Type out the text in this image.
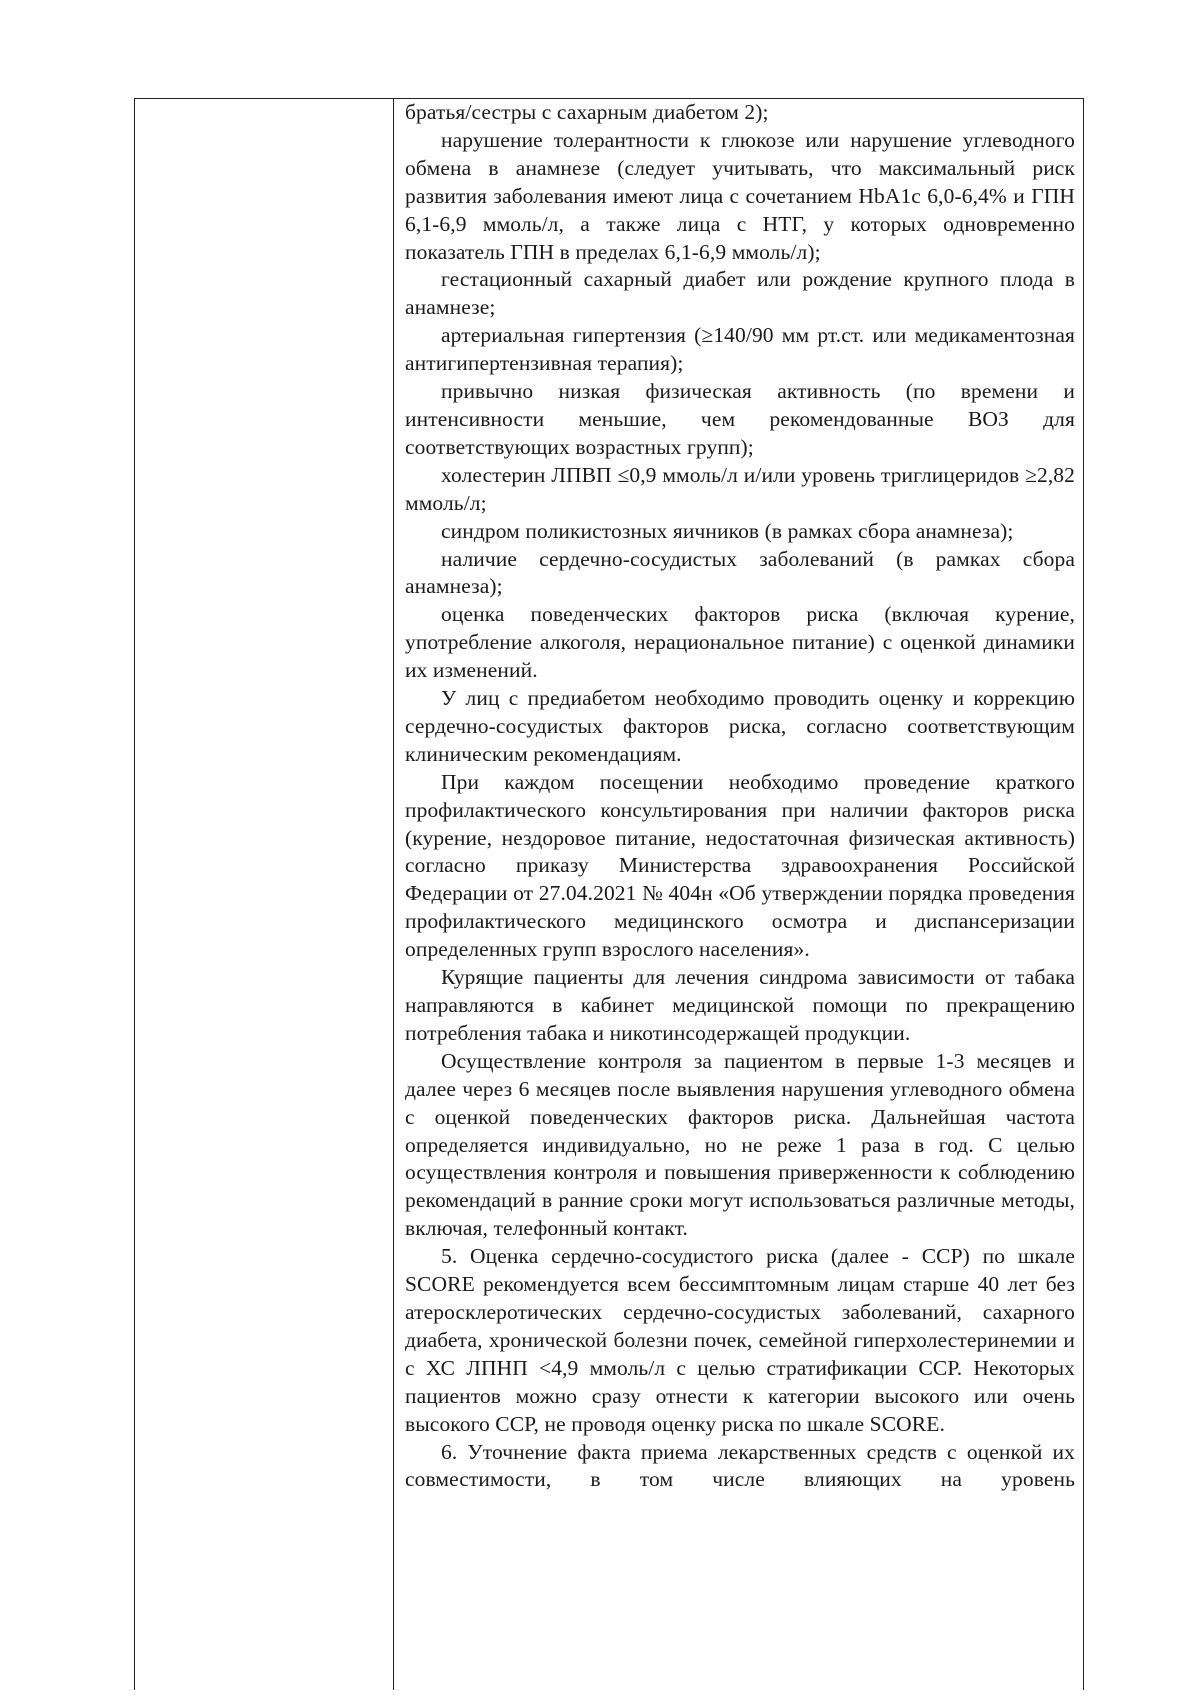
братья/сестры с сахарным диабетом 2);

нарушение толерантности к глюкозе или нарушение углеводного обмена в анамнезе (следует учитывать, что максимальный риск развития заболевания имеют лица с сочетанием HbA1c 6,0-6,4% и ГПН 6,1-6,9 ммоль/л, а также лица с НТГ, у которых одновременно показатель ГПН в пределах 6,1-6,9 ммоль/л);

гестационный сахарный диабет или рождение крупного плода в анамнезе;

артериальная гипертензия (≥140/90 мм рт.ст. или медикаментозная антигипертензивная терапия);

привычно низкая физическая активность (по времени и интенсивности меньшие, чем рекомендованные ВОЗ для соответствующих возрастных групп);

холестерин ЛПВП ≤0,9 ммоль/л и/или уровень триглицеридов ≥2,82 ммоль/л;

синдром поликистозных яичников (в рамках сбора анамнеза);

наличие сердечно-сосудистых заболеваний (в рамках сбора анамнеза);

оценка поведенческих факторов риска (включая курение, употребление алкоголя, нерациональное питание) с оценкой динамики их изменений.

У лиц с предиабетом необходимо проводить оценку и коррекцию сердечно-сосудистых факторов риска, согласно соответствующим клиническим рекомендациям.

При каждом посещении необходимо проведение краткого профилактического консультирования при наличии факторов риска (курение, нездоровое питание, недостаточная физическая активность) согласно приказу Министерства здравоохранения Российской Федерации от 27.04.2021 № 404н «Об утверждении порядка проведения профилактического медицинского осмотра и диспансеризации определенных групп взрослого населения».

Курящие пациенты для лечения синдрома зависимости от табака направляются в кабинет медицинской помощи по прекращению потребления табака и никотинсодержащей продукции.

Осуществление контроля за пациентом в первые 1-3 месяцев и далее через 6 месяцев после выявления нарушения углеводного обмена с оценкой поведенческих факторов риска. Дальнейшая частота определяется индивидуально, но не реже 1 раза в год. С целью осуществления контроля и повышения приверженности к соблюдению рекомендаций в ранние сроки могут использоваться различные методы, включая, телефонный контакт.

5. Оценка сердечно-сосудистого риска (далее - ССР) по шкале SCORE рекомендуется всем бессимптомным лицам старше 40 лет без атеросклеротических сердечно-сосудистых заболеваний, сахарного диабета, хронической болезни почек, семейной гиперхолестеринемии и с ХС ЛПНП <4,9 ммоль/л с целью стратификации ССР. Некоторых пациентов можно сразу отнести к категории высокого или очень высокого ССР, не проводя оценку риска по шкале SCORE.

6. Уточнение факта приема лекарственных средств с оценкой их совместимости, в том числе влияющих на уровень
